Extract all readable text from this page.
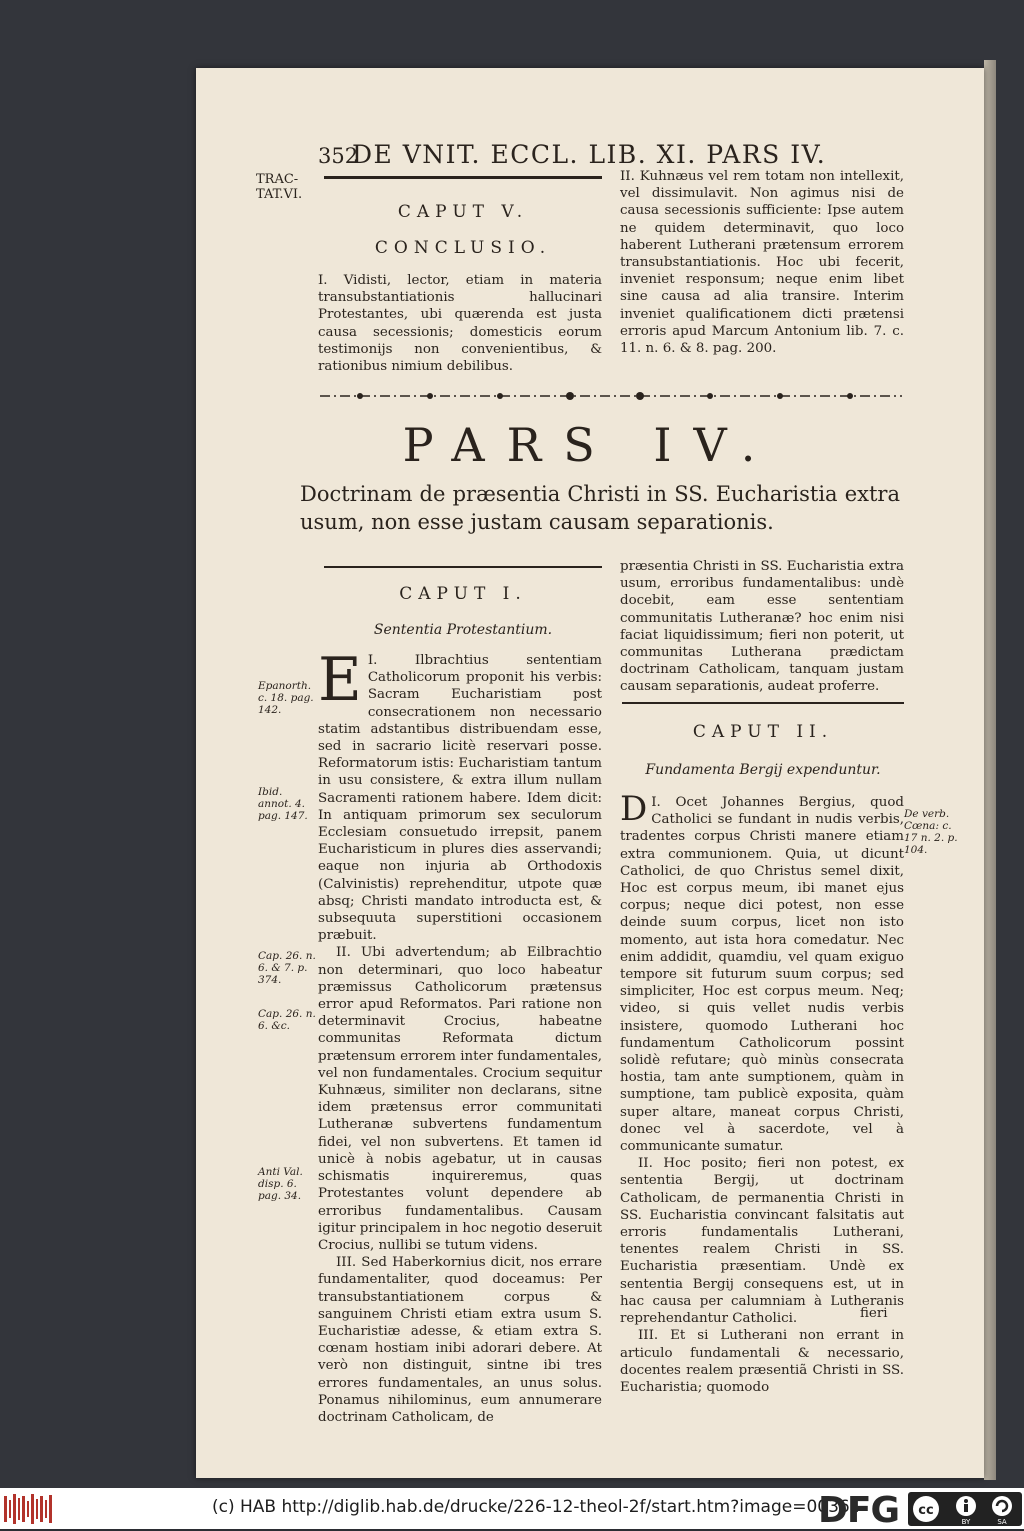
352
DE VNIT. ECCL. LIB. XI. PARS IV.
TRAC-
TAT.VI.
CAPUT V.
CONCLUSIO.

I. Vidisti, lector, etiam in materia transubstantiationis hallucinari Protestantes, ubi quærenda est justa causa secessionis; domesticis eorum testimonijs non convenientibus, & rationibus nimium debilibus.

II. Kuhnæus vel rem totam non intellexit, vel dissimulavit. Non agimus nisi de causa secessionis sufficiente: Ipse autem ne quidem determinavit, quo loco haberent Lutherani prætensum errorem transubstantiationis. Hoc ubi fecerit, inveniet responsum; neque enim libet sine causa ad alia transire. Interim inveniet qualificationem dicti prætensi erroris apud Marcum Antonium lib. 7. c. 11. n. 6. & 8. pag. 200.

PARS IV.
Doctrinam de præsentia Christi in SS. Eucharistia extra usum, non esse justam causam separationis.
CAPUT I.
Sententia Protestantium.

I.
E	Ilbrachtius sententiam Catholicorum proponit his verbis: Sacram Eucharistiam post consecrationem non necessario statim adstantibus distribuendam esse, sed in sacrario licitè reservari posse. Reformatorum istis: Eucharistiam tantum in usu consistere, & extra illum nullam Sacramenti rationem habere. Idem dicit: In antiquam primorum sex seculorum Ecclesiam consuetudo irrepsit, panem Eucharisticum in plures dies asservandi; eaque non injuria ab Orthodoxis (Calvinistis) reprehenditur, utpote quæ absq; Christi mandato introducta est, & subsequuta superstitioni occasionem præbuit.

II. Ubi advertendum; ab Eilbrachtio non determinari, quo loco habeatur præmissus Catholicorum prætensus error apud Reformatos. Pari ratione non determinavit Crocius, habeatne communitas Reformata dictum prætensum errorem inter fundamentales, vel non fundamentales. Crocium sequitur Kuhnæus, similiter non declarans, sitne idem prætensus error communitati Lutheranæ subvertens fundamentum fidei, vel non subvertens. Et tamen id unicè à nobis agebatur, ut in causas schismatis inquireremus, quas Protestantes volunt dependere ab erroribus fundamentalibus. Causam igitur principalem in hoc negotio deseruit Crocius, nullibi se tutum videns.

III. Sed Haberkornius dicit, nos errare fundamentaliter, quod doceamus: Per transubstantiationem corpus & sanguinem Christi etiam extra usum S. Eucharistiæ adesse, & etiam extra S. cœnam hostiam inibi adorari debere. At verò non distinguit, sintne ibi tres errores fundamentales, an unus solus. Ponamus nihilominus, eum annumerare doctrinam Catholicam, de

præsentia Christi in SS. Eucharistia extra usum, erroribus fundamentalibus: undè docebit, eam esse sententiam communitatis Lutheranæ? hoc enim nisi faciat liquidissimum; fieri non poterit, ut communitas Lutherana prædictam doctrinam Catholicam, tanquam justam causam separationis, audeat proferre.

CAPUT II.
Fundamenta Bergij expenduntur.

I.
D Ocet Johannes Bergius, quod Catholici se fundant in nudis verbis, tradentes corpus Christi manere etiam extra communionem. Quia, ut dicunt Catholici, de quo Christus semel dixit, Hoc est corpus meum, ibi manet ejus corpus; neque dici potest, non esse deinde suum corpus, licet non isto momento, aut ista hora comedatur. Nec enim addidit, quamdiu, vel quam exiguo tempore sit futurum suum corpus; sed simpliciter, Hoc est corpus meum. Neq; video, si quis vellet nudis verbis insistere, quomodo Lutherani hoc fundamentum Catholicorum possint solidè refutare; quò minùs consecrata hostia, tam ante sumptionem, quàm in sumptione, tam publicè exposita, quàm super altare, maneat corpus Christi, donec vel à sacerdote, vel à communicante sumatur.

II. Hoc posito; fieri non potest, ex sententia Bergij, ut doctrinam Catholicam, de permanentia Christi in SS. Eucharistia convincant falsitatis aut erroris fundamentalis Lutherani, tenentes realem Christi in SS. Eucharistia præsentiam. Undè ex sententia Bergij consequens est, ut in hac causa per calumniam à Lutheranis reprehendantur Catholici.

III. Et si Lutherani non errant in articulo fundamentali & necessario, docentes realem præsentiã Christi in SS. Eucharistia; quomodo

fieri
Epanorth. c. 18. pag. 142.
Ibid. annot. 4. pag. 147.
Cap. 26. n. 6. & 7. p. 374.
Cap. 26. n. 6. &c.
Anti Val. disp. 6. pag. 34.
De verb. Cœna: c. 17 n. 2. p. 104.
(c) HAB http://diglib.hab.de/drucke/226-12-theol-2f/start.htm?image=00364
DFG cc
BY	SA
